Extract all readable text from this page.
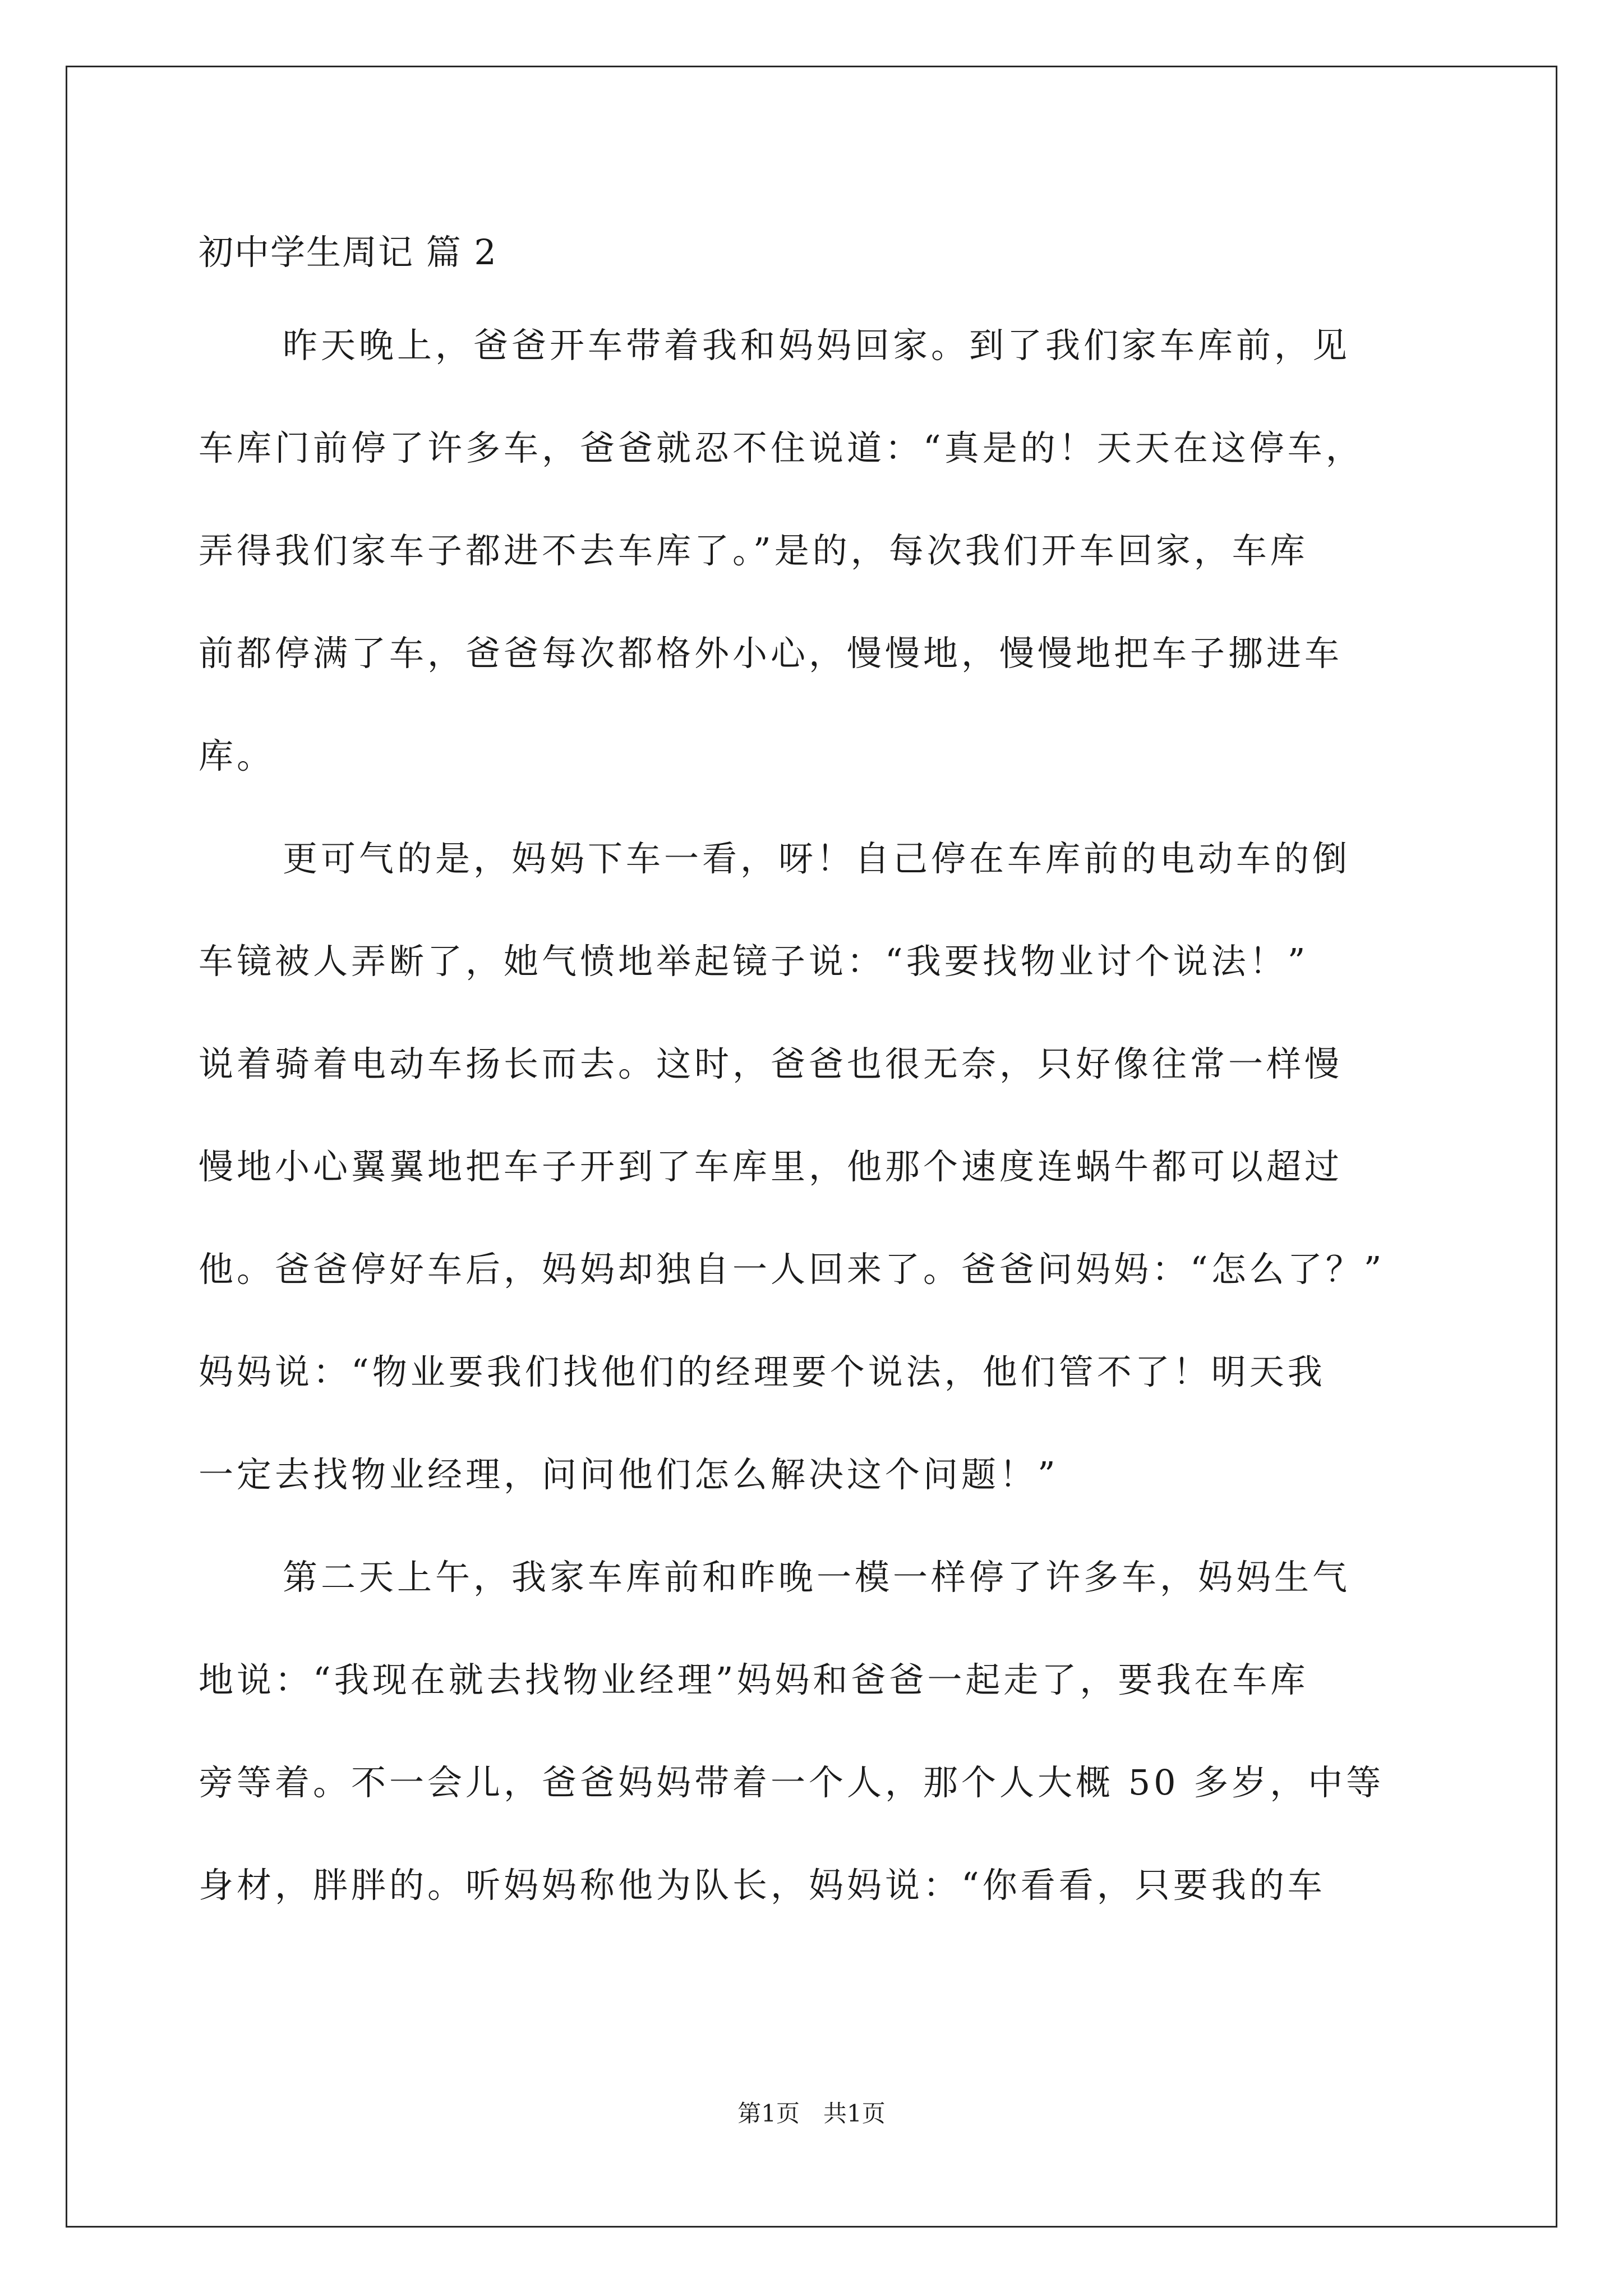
初中学生周记 篇 2
昨天晚上，爸爸开车带着我和妈妈回家。到了我们家车库前，见
车库门前停了许多车，爸爸就忍不住说道：“真是的！天天在这停车，
弄得我们家车子都进不去车库了。”是的，每次我们开车回家，车库
前都停满了车，爸爸每次都格外小心，慢慢地，慢慢地把车子挪进车
库。
更可气的是，妈妈下车一看，呀！自己停在车库前的电动车的倒
车镜被人弄断了，她气愤地举起镜子说：“我要找物业讨个说法！”
说着骑着电动车扬长而去。这时，爸爸也很无奈，只好像往常一样慢
慢地小心翼翼地把车子开到了车库里，他那个速度连蜗牛都可以超过
他。爸爸停好车后，妈妈却独自一人回来了。爸爸问妈妈：“怎么了？”
妈妈说：“物业要我们找他们的经理要个说法，他们管不了！明天我
一定去找物业经理，问问他们怎么解决这个问题！”
第二天上午，我家车库前和昨晚一模一样停了许多车，妈妈生气
地说：“我现在就去找物业经理”妈妈和爸爸一起走了，要我在车库
旁等着。不一会儿，爸爸妈妈带着一个人，那个人大概 50 多岁，中等
身材，胖胖的。听妈妈称他为队长，妈妈说：“你看看，只要我的车
第1页　共1页
